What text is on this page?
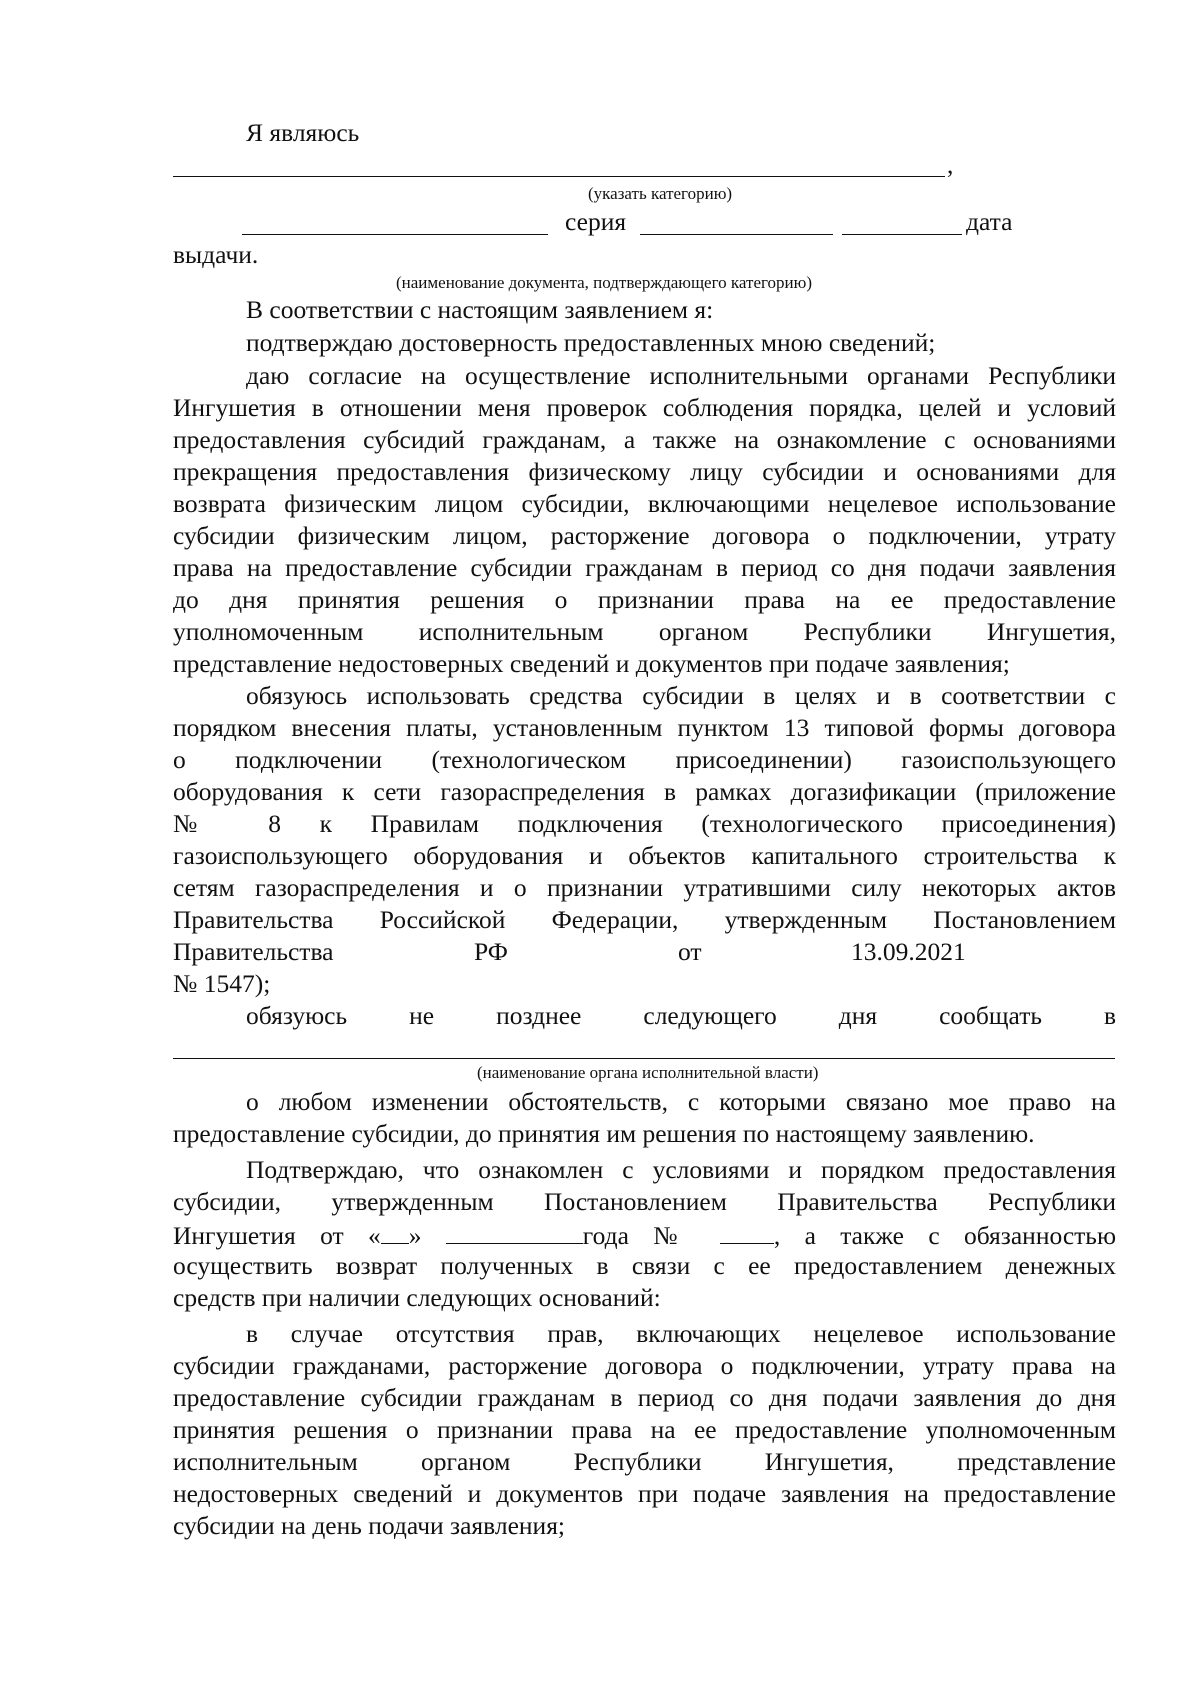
Я являюсь
,
(указать категорию)
серия	дата
выдачи.
(наименование документа, подтверждающего категорию)
В соответствии с настоящим заявлением я:
подтверждаю достоверность предоставленных мною сведений;
даю согласие на осуществление исполнительными органами Республики
Ингушетия в отношении меня проверок соблюдения порядка, целей и условий
предоставления субсидий гражданам, а также на ознакомление с основаниями
прекращения предоставления физическому лицу субсидии и основаниями для
возврата физическим лицом субсидии, включающими нецелевое использование
субсидии физическим лицом, расторжение договора о подключении, утрату
права на предоставление субсидии гражданам в период со дня подачи заявления
до дня принятия решения о признании права на ее предоставление
уполномоченным исполнительным органом Республики Ингушетия,
представление недостоверных сведений и документов при подаче заявления;
обязуюсь использовать средства субсидии в целях и в соответствии с
порядком внесения платы, установленным пунктом 13 типовой формы договора
о подключении (технологическом присоединении) газоиспользующего
оборудования к сети газораспределения в рамках догазификации (приложение
№ 8 к Правилам подключения (технологического присоединения)
газоиспользующего оборудования и объектов капитального строительства к
сетям газораспределения и о признании утратившими силу некоторых актов
Правительства Российской Федерации, утвержденным Постановлением
Правительства	РФ	от	13.09.2021
№ 1547);
обязуюсь не позднее следующего дня сообщать в
(наименование органа исполнительной власти)
о любом изменении обстоятельств, с которыми связано мое право на
предоставление субсидии, до принятия им решения по настоящему заявлению.
Подтверждаю, что ознакомлен с условиями и порядком предоставления
субсидии, утвержденным Постановлением Правительства Республики
Ингушетия от « »	года №	, а также с обязанностью
осуществить возврат полученных в связи с ее предоставлением денежных
средств при наличии следующих оснований:
в случае отсутствия прав, включающих нецелевое использование
субсидии гражданами, расторжение договора о подключении, утрату права на
предоставление субсидии гражданам в период со дня подачи заявления до дня
принятия решения о признании права на ее предоставление уполномоченным
исполнительным органом Республики Ингушетия, представление
недостоверных сведений и документов при подаче заявления на предоставление
субсидии на день подачи заявления;
